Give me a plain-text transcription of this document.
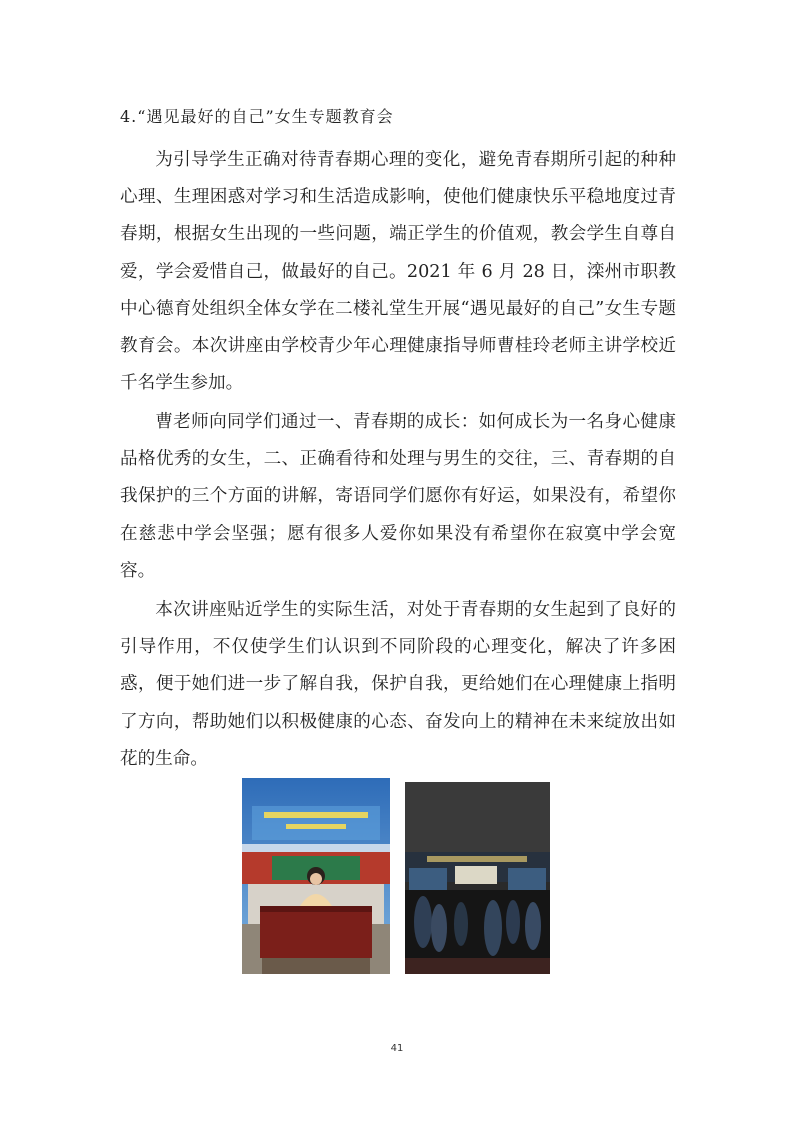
4.“遇见最好的自己”女生专题教育会

为引导学生正确对待青春期心理的变化，避免青春期所引起的种种心理、生理困惑对学习和生活造成影响，使他们健康快乐平稳地度过青春期，根据女生出现的一些问题，端正学生的价值观，教会学生自尊自爱，学会爱惜自己，做最好的自己。2021 年 6 月 28 日，滦州市职教中心德育处组织全体女学在二楼礼堂生开展“遇见最好的自己”女生专题教育会。本次讲座由学校青少年心理健康指导师曹桂玲老师主讲学校近千名学生参加。

曹老师向同学们通过一、青春期的成长：如何成长为一名身心健康品格优秀的女生，二、正确看待和处理与男生的交往，三、青春期的自我保护的三个方面的讲解，寄语同学们愿你有好运，如果没有，希望你在慈悲中学会坚强；愿有很多人爱你如果没有希望你在寂寞中学会宽容。

本次讲座贴近学生的实际生活，对处于青春期的女生起到了良好的引导作用，不仅使学生们认识到不同阶段的心理变化，解决了许多困惑，便于她们进一步了解自我，保护自我，更给她们在心理健康上指明了方向，帮助她们以积极健康的心态、奋发向上的精神在未来绽放出如花的生命。

41
